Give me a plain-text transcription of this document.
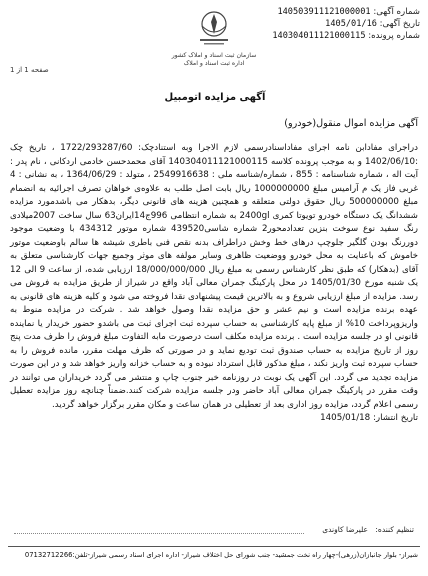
شماره آگهی: 140503911121000001
تاریخ آگهی: 1405/01/16
شماره پرونده: 140304011121000115
سازمان ثبت اسناد و املاک کشور
اداره ثبت اسناد و املاک
صفحه 1 از 1
آگهی مزایده اتومبیل
آگهی مزایده اموال منقول(خودرو)
دراجرای مفادابن نامه اجرای مفاداسنادرسمی لازم الاجرا وبه استنادچک: 1722/293287/60 ، تاریخ چک :1402/06/10 و به موجب پرونده کلاسه 140304011121000115 آقای محمدحسن خادمی اردکانی ، نام پدر : آیت اله ، شماره شناسنامه : 855 ، شماره/شناسه ملی : 2549916638 ، متولد : 1364/06/29 ، به نشانی : 4 غربی فاز یک م آرامیس مبلغ 1000000000 ریال بابت اصل طلب به علاوه‌ی خواهان تصرف اجرائیه به انضمام مبلغ 500000000 ریال حقوق دولتی متعلقه و همچنین هزینه های قانونی دیگر، بدهکار می باشدمورد مزایده ششدانگ یک دستگاه خودرو تویوتا کمری 2400gl به شماره انتظامی 996ج14ایران63 سال ساخت 2007میلادی رنگ سفید نوع سوخت بنزین تعدادمحور2 شماره شاسی439520 شماره موتور 434312 با وضعیت موجود دوررنگ بودن گلگیر جلوچپ درهای خط وخش دراطراف بدنه نقص فنی باطری شیشه ها سالم باوضعیت موتور خاموش که باعنایت به محل خودرو ووضعیت ظاهری وسایر مولفه های موثر وجمیع جهات کارشناسی متعلق به آقای (بدهکار) که طبق نظر کارشناس رسمی به مبلغ ریال 18/000/000/000 ارزیابی شده، از ساعت 9 الی 12 یک شنبه مورخ 1405/01/30 در محل پارکینگ جمران معالی آباد واقع در شیراز از طریق مزایده به فروش می رسد. مزایده از مبلغ ارزیابی شروع و به بالاترین قیمت پیشنهادی نقدا فروخته می شود و کلیه هزینه های قانونی به عهده برنده مزایده است و نیم عشر و حق مزایده نقدا وصول خواهد شد . شرکت در مزایده منوط به واریزوپرداخت 10% از مبلغ پایه کارشناسی به حساب سپرده ثبت اجرای ثبت می باشدو حضور خریدار یا نماینده قانونی او در جلسه مزایده است . برنده مزایده مکلف است درصورت مابه التفاوت مبلغ فروش را ظرف مدت پنج روز از تاریخ مزایده به حساب صندوق ثبت تودیع نماید و در صورتی که ظرف مهلت مقرر، مانده فروش را به حساب سپرده ثبت واریز نکند ، مبلغ مذکور قابل استرداد نبوده و به حساب خزانه واریز خواهد شد و در این صورت مزایده تجدید می گردد. این آگهی یک نوبت در روزنامه خبر جنوب چاپ و منتشر می گردد خریداران می توانند در وقت مقرر در پارکینگ جمران معالی آباد حاضر ودر جلسه مزایده شرکت کنند.ضمناً چنانچه روز مزایده تعطیل رسمی اعلام گردد، مزایده روز اداری بعد از تعطیلی در همان ساعت و مکان مقرر برگزار خواهد گردید.
تاریخ انتشار: 1405/01/18
تنظیم کننده:
علیرضا کاوندی
شیراز- بلوار جانبازان(زرهی)-چهار راه نخت جمشید- جنب شورای حل اختلاف شیراز- اداره اجرای اسناد رسمی شیراز-تلفن:07132712266
